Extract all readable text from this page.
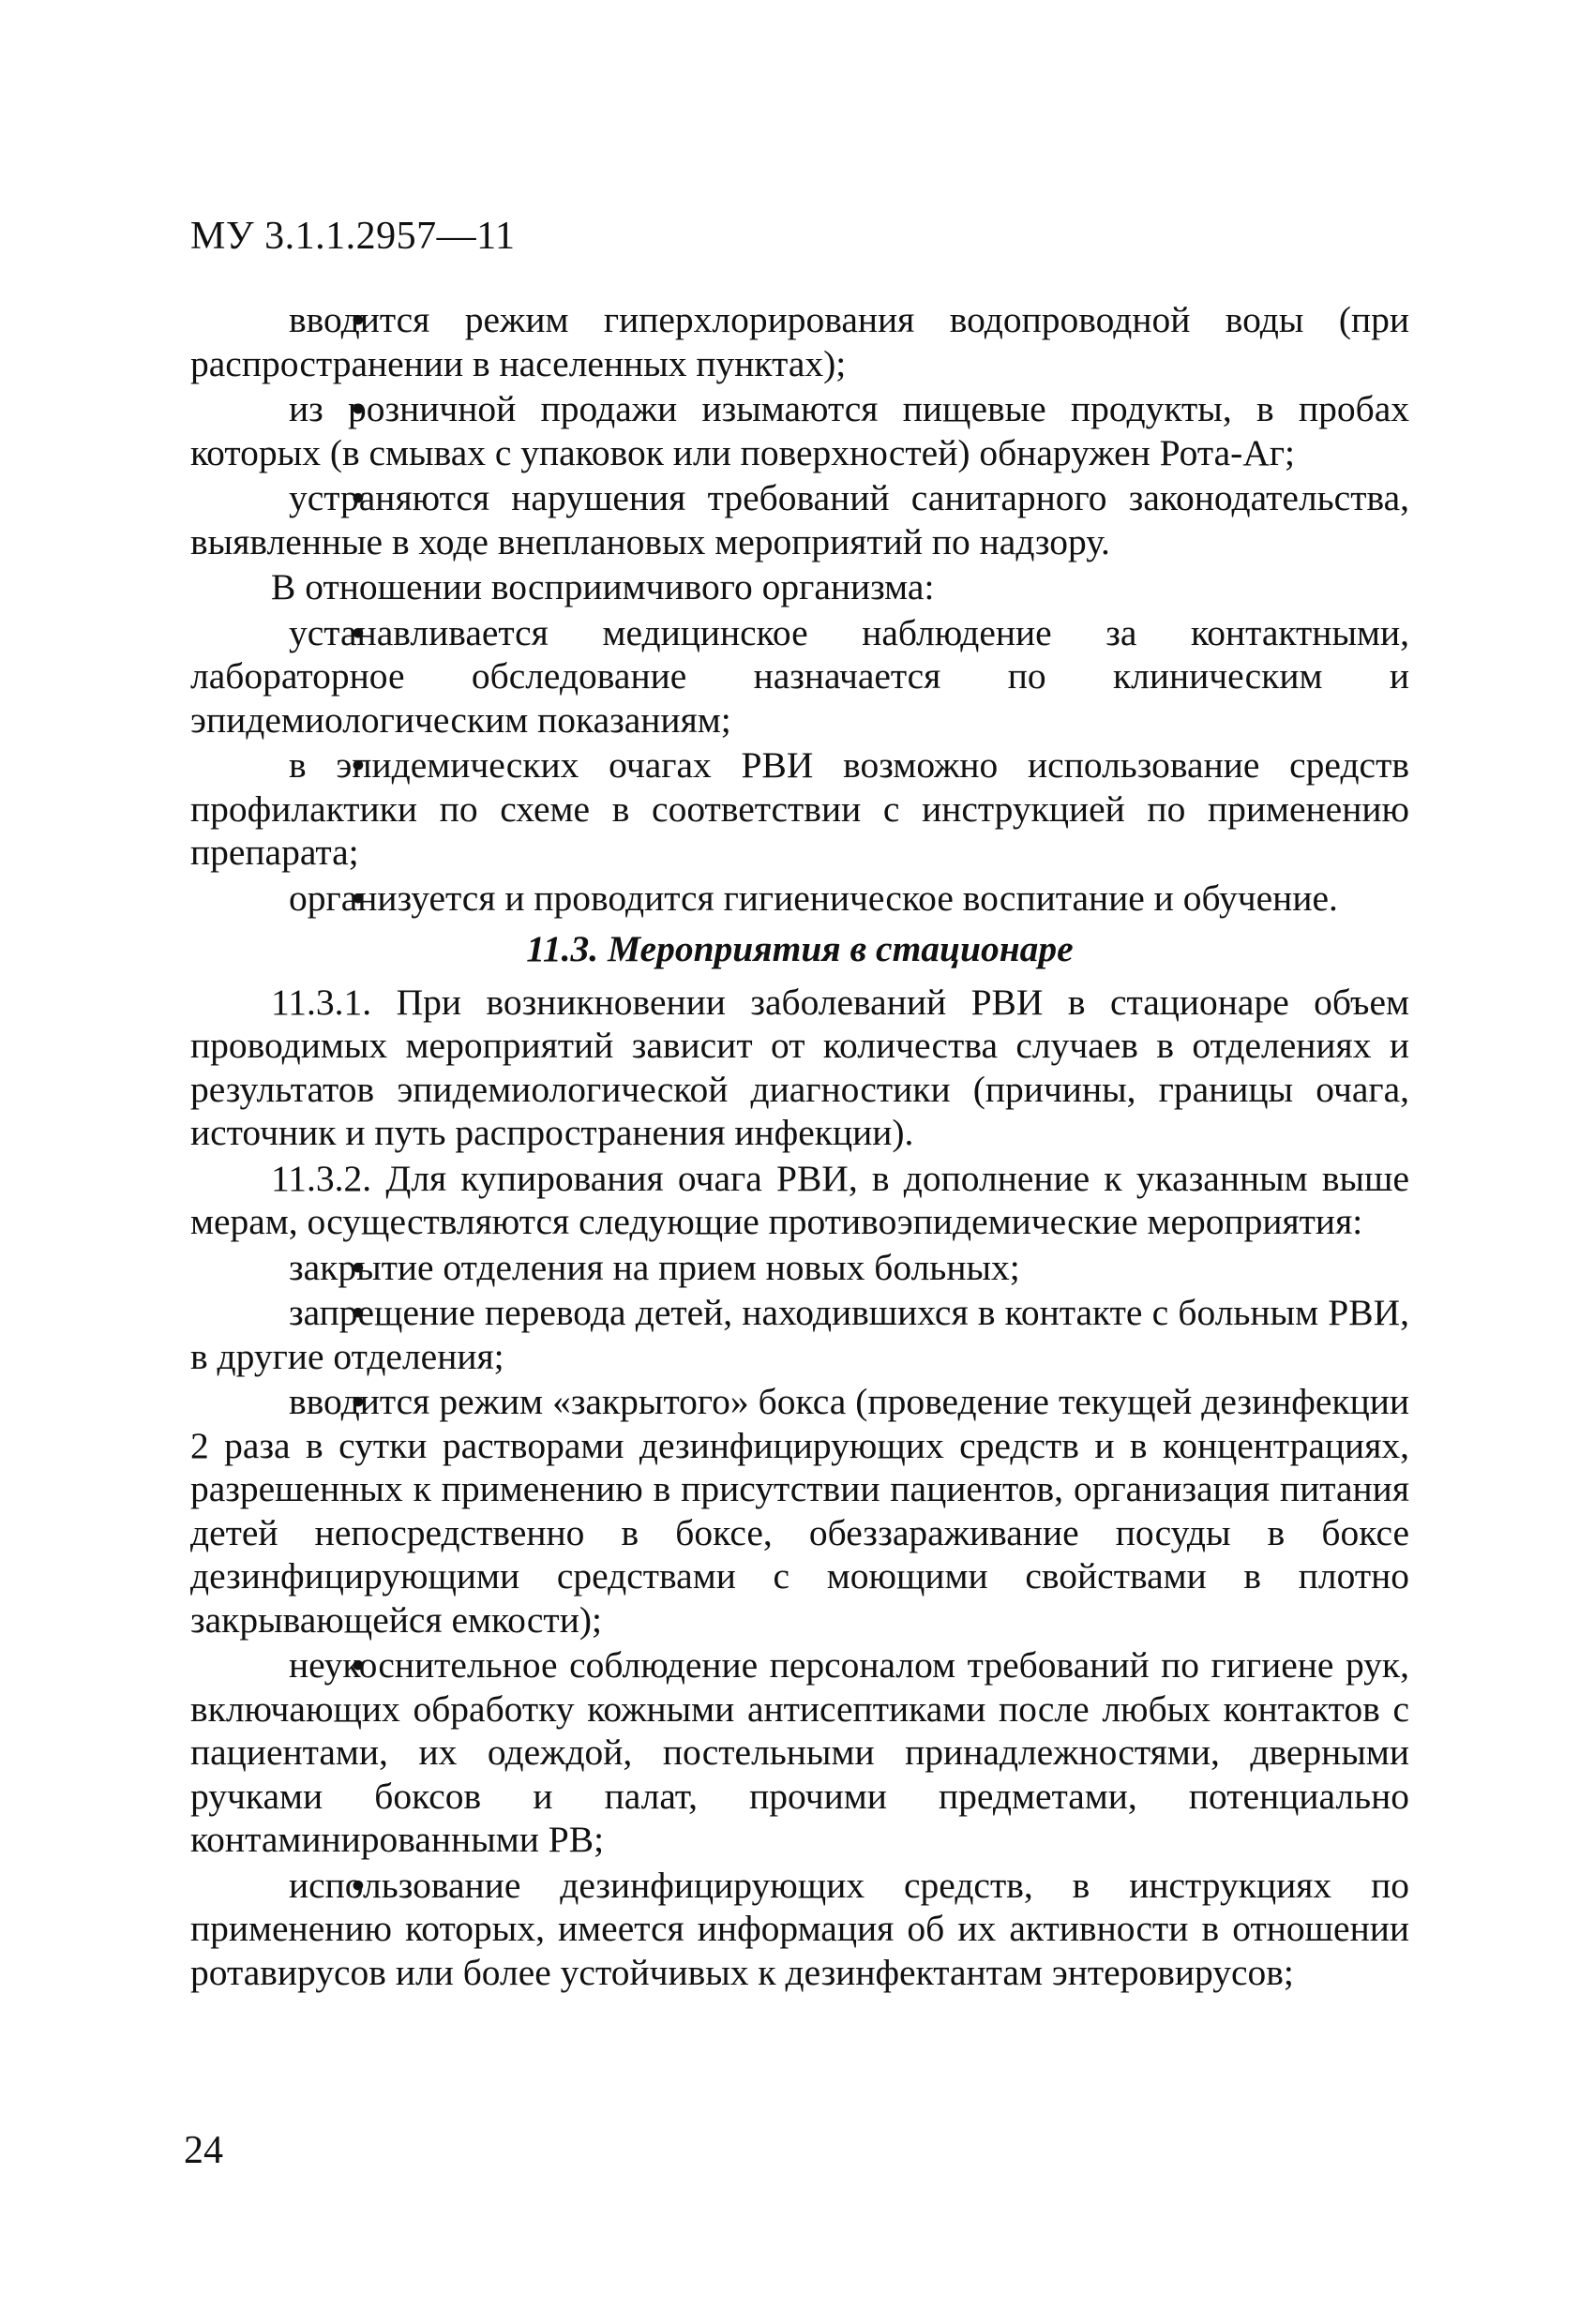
МУ 3.1.1.2957—11

• вводится режим гиперхлорирования водопроводной воды (при распространении в населенных пунктах);

• из розничной продажи изымаются пищевые продукты, в пробах которых (в смывах с упаковок или поверхностей) обнаружен Рота-Аг;

• устраняются нарушения требований санитарного законодательства, выявленные в ходе внеплановых мероприятий по надзору.

В отношении восприимчивого организма:

• устанавливается медицинское наблюдение за контактными, лабораторное обследование назначается по клиническим и эпидемиологическим показаниям;

• в эпидемических очагах РВИ возможно использование средств профилактики по схеме в соответствии с инструкцией по применению препарата;

• организуется и проводится гигиеническое воспитание и обучение.

11.3. Мероприятия в стационаре

11.3.1. При возникновении заболеваний РВИ в стационаре объем проводимых мероприятий зависит от количества случаев в отделениях и результатов эпидемиологической диагностики (причины, границы очага, источник и путь распространения инфекции).

11.3.2. Для купирования очага РВИ, в дополнение к указанным выше мерам, осуществляются следующие противоэпидемические мероприятия:

• закрытие отделения на прием новых больных;

• запрещение перевода детей, находившихся в контакте с больным РВИ, в другие отделения;

• вводится режим «закрытого» бокса (проведение текущей дезинфекции 2 раза в сутки растворами дезинфицирующих средств и в концентрациях, разрешенных к применению в присутствии пациентов, организация питания детей непосредственно в боксе, обеззараживание посуды в боксе дезинфицирующими средствами с моющими свойствами в плотно закрывающейся емкости);

• неукоснительное соблюдение персоналом требований по гигиене рук, включающих обработку кожными антисептиками после любых контактов с пациентами, их одеждой, постельными принадлежностями, дверными ручками боксов и палат, прочими предметами, потенциально контаминированными РВ;

• использование дезинфицирующих средств, в инструкциях по применению которых, имеется информация об их активности в отношении ротавирусов или более устойчивых к дезинфектантам энтеровирусов;

24
